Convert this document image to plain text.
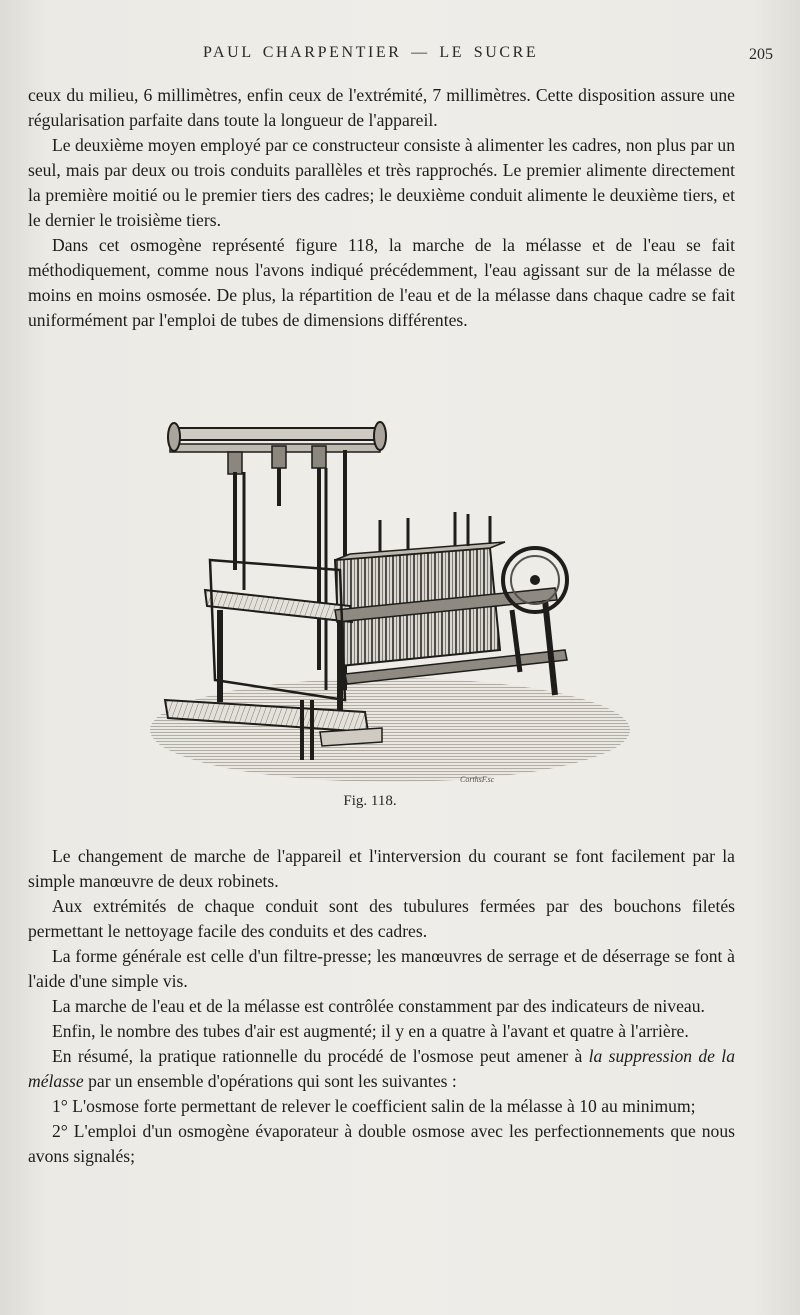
PAUL CHARPENTIER — LE SUCRE	205

ceux du milieu, 6 millimètres, enfin ceux de l'extrémité, 7 millimètres. Cette disposition assure une régularisation parfaite dans toute la longueur de l'appareil.

Le deuxième moyen employé par ce constructeur consiste à alimenter les cadres, non plus par un seul, mais par deux ou trois conduits parallèles et très rapprochés. Le premier alimente directement la première moitié ou le premier tiers des cadres; le deuxième conduit alimente le deuxième tiers, et le dernier le troisième tiers.

Dans cet osmogène représenté figure 118, la marche de la mélasse et de l'eau se fait méthodiquement, comme nous l'avons indiqué précédemment, l'eau agissant sur de la mélasse de moins en moins osmosée. De plus, la répartition de l'eau et de la mélasse dans chaque cadre se fait uniformément par l'emploi de tubes de dimensions différentes.

CorthsF.sc
Fig. 118.

Le changement de marche de l'appareil et l'interversion du courant se font facilement par la simple manœuvre de deux robinets.

Aux extrémités de chaque conduit sont des tubulures fermées par des bouchons filetés permettant le nettoyage facile des conduits et des cadres.

La forme générale est celle d'un filtre-presse; les manœuvres de serrage et de déserrage se font à l'aide d'une simple vis.

La marche de l'eau et de la mélasse est contrôlée constamment par des indicateurs de niveau.

Enfin, le nombre des tubes d'air est augmenté; il y en a quatre à l'avant et quatre à l'arrière.

En résumé, la pratique rationnelle du procédé de l'osmose peut amener à la suppression de la mélasse par un ensemble d'opérations qui sont les suivantes :

1° L'osmose forte permettant de relever le coefficient salin de la mélasse à 10 au minimum;

2° L'emploi d'un osmogène évaporateur à double osmose avec les perfectionnements que nous avons signalés;
